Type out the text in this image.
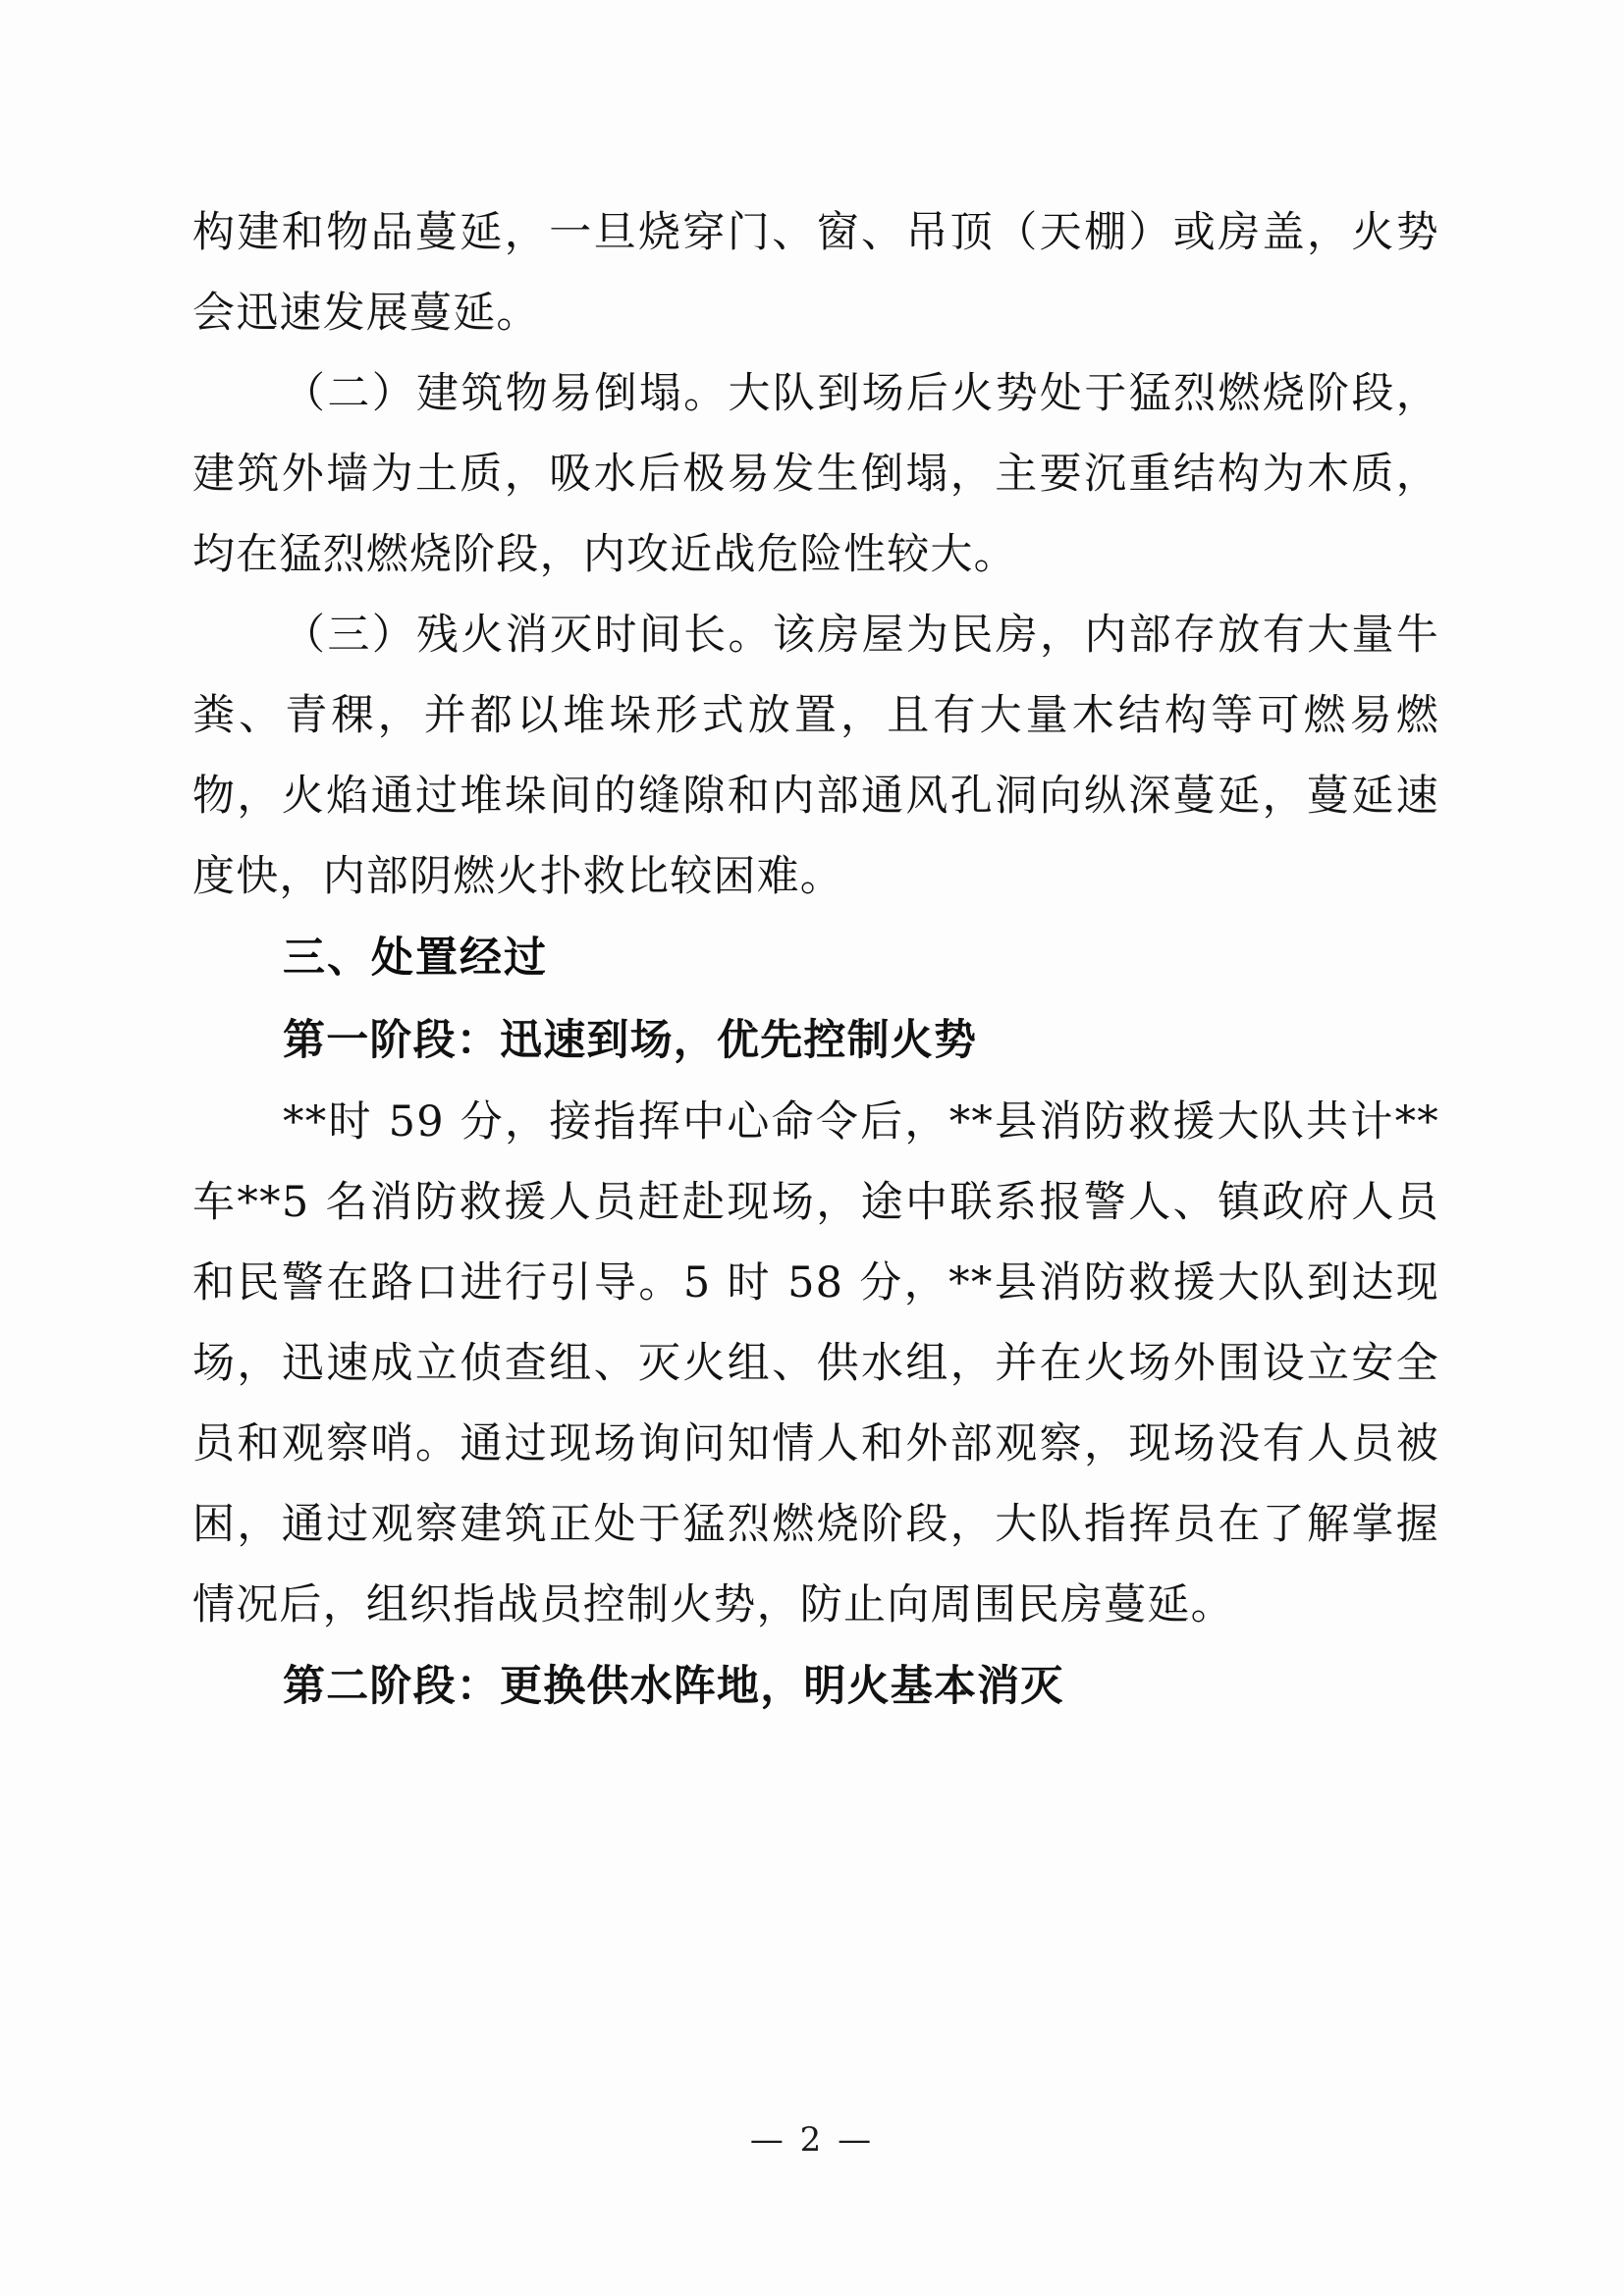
构建和物品蔓延，一旦烧穿门、窗、吊顶（天棚）或房盖，火势会迅速发展蔓延。

（二）建筑物易倒塌。大队到场后火势处于猛烈燃烧阶段，建筑外墙为土质，吸水后极易发生倒塌，主要沉重结构为木质，均在猛烈燃烧阶段，内攻近战危险性较大。

（三）残火消灭时间长。该房屋为民房，内部存放有大量牛粪、青稞，并都以堆垛形式放置，且有大量木结构等可燃易燃物，火焰通过堆垛间的缝隙和内部通风孔洞向纵深蔓延，蔓延速度快，内部阴燃火扑救比较困难。

三、处置经过

第一阶段：迅速到场，优先控制火势

**时 59 分，接指挥中心命令后，**县消防救援大队共计**车**5 名消防救援人员赶赴现场，途中联系报警人、镇政府人员和民警在路口进行引导。5 时 58 分，**县消防救援大队到达现场，迅速成立侦查组、灭火组、供水组，并在火场外围设立安全员和观察哨。通过现场询问知情人和外部观察，现场没有人员被困，通过观察建筑正处于猛烈燃烧阶段，大队指挥员在了解掌握情况后，组织指战员控制火势，防止向周围民房蔓延。

第二阶段：更换供水阵地，明火基本消灭

— 2 —
